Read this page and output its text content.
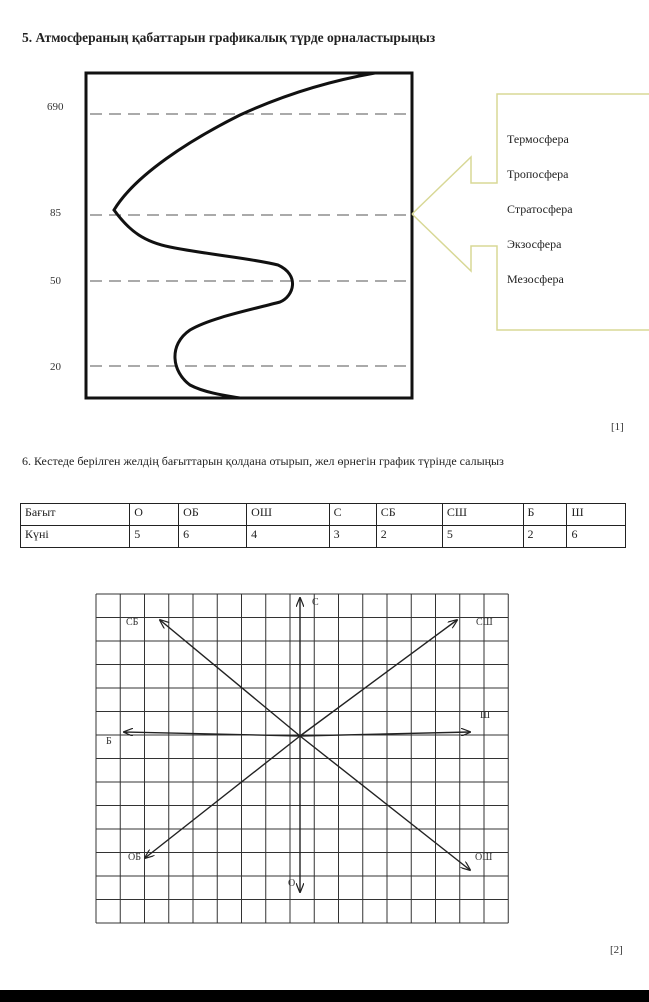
5. Атмосфераның қабаттарын графикалық түрде орналастырыңыз
690
85
50
20
Термосфера
Тропосфера
Стратосфера
Экзосфера
Мезосфера
[1]
6. Кестеде берілген желдің бағыттарын қолдана отырып, жел өрнегін график түрінде салыңыз
Бағыт	О	ОБ	ОШ	С	СБ	СШ	Б	Ш
Күні	5	6	4	3	2	5	2	6
С
СШ
Ш
ОШ
О
ОБ
Б
СБ
[2]
